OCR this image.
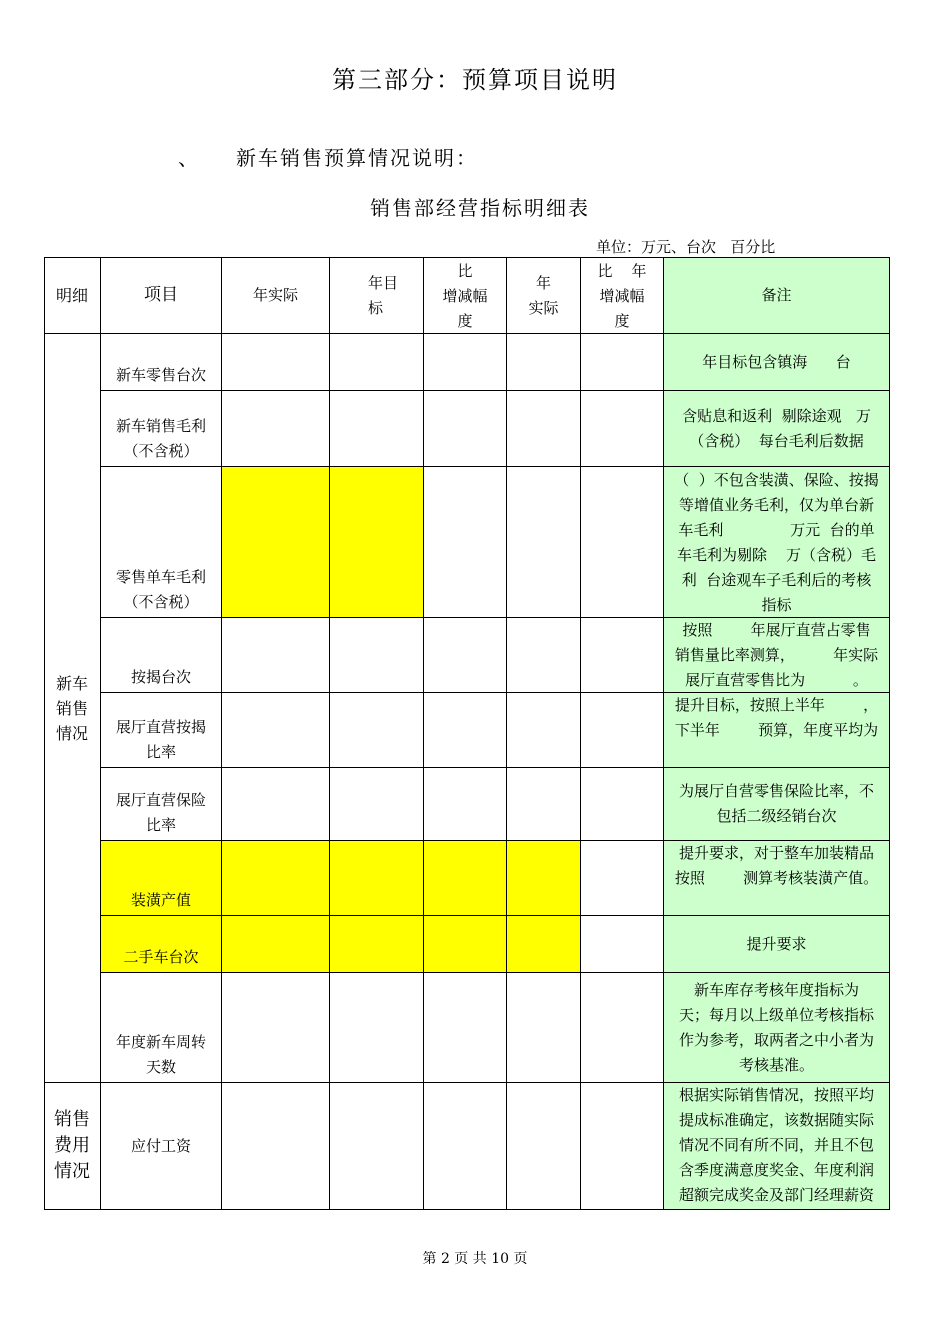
第三部分：预算项目说明
、 新车销售预算情况说明：
销售部经营指标明细表
单位：万元、台次   百分比
明细	项目	年实际
年目
标
比
增减幅
度
年
实际
比    年
增减幅
度
备注
新车
销售
情况
销售
费用
情况
新车零售台次
年目标包含镇海      台
新车销售毛利
（不含税）
含贴息和返利  剔除途观   万
（含税）  每台毛利后数据
零售单车毛利
（不含税）
（  ）不包含装潢、保险、按揭
等增值业务毛利，仅为单台新
车毛利              万元  台的单
车毛利为剔除    万（含税）毛
利  台途观车子毛利后的考核
指标
按揭台次
按照        年展厅直营占零售
销售量比率测算，        年实际
展厅直营零售比为          。
展厅直营按揭
比率
提升目标，按照上半年        ，
下半年        预算，年度平均为
展厅直营保险
比率
为展厅自营零售保险比率，不
包括二级经销台次
装潢产值
提升要求，对于整车加装精品
按照        测算考核装潢产值。
二手车台次
提升要求
年度新车周转
天数
新车库存考核年度指标为
天；每月以上级单位考核指标
作为参考，取两者之中小者为
考核基准。
应付工资
根据实际销售情况，按照平均
提成标准确定，该数据随实际
情况不同有所不同，并且不包
含季度满意度奖金、年度利润
超额完成奖金及部门经理薪资
第 2 页 共 10 页
